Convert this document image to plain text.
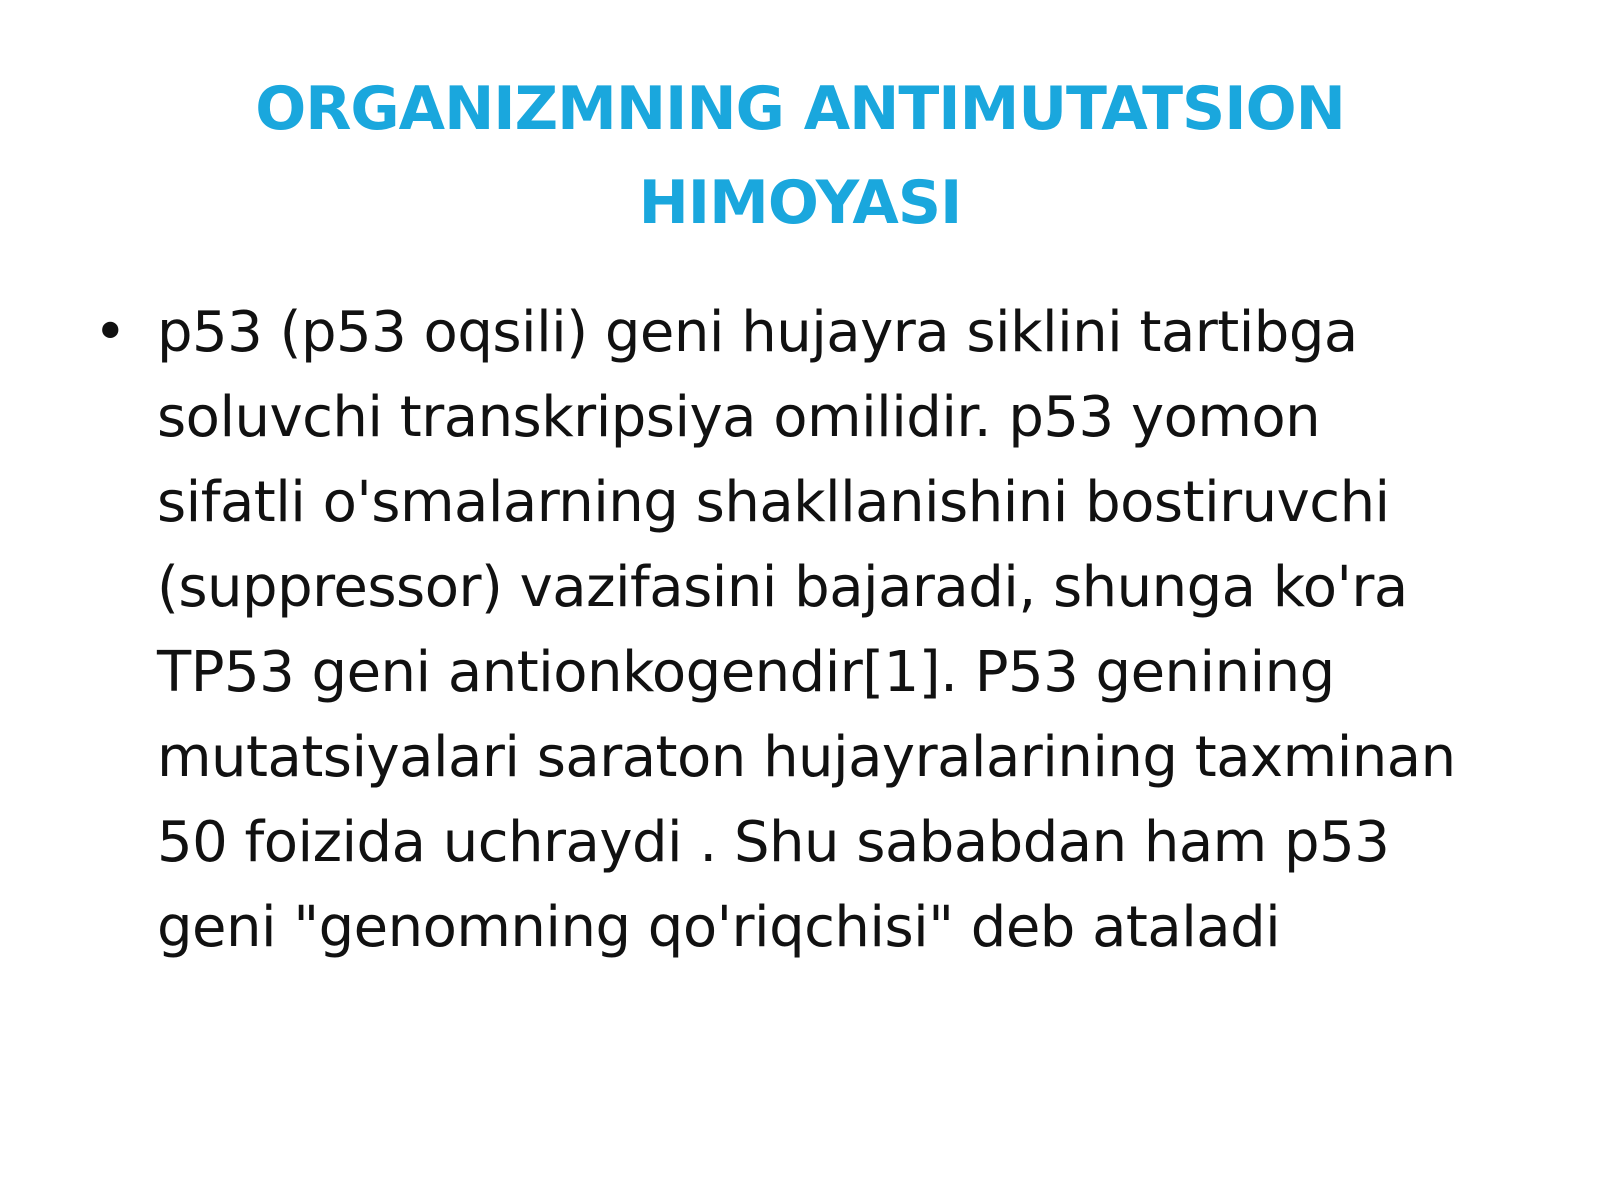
ORGANIZMNING ANTIMUTATSION
HIMOYASI
• p53 (p53 oqsili) geni hujayra siklini tartibga
soluvchi transkripsiya omilidir. p53 yomon
sifatli o'smalarning shakllanishini bostiruvchi
(suppressor) vazifasini bajaradi, shunga ko'ra
TP53 geni antionkogendir[1]. P53 genining
mutatsiyalari saraton hujayralarining taxminan
50 foizida uchraydi . Shu sababdan ham p53
geni "genomning qo'riqchisi" deb ataladi
